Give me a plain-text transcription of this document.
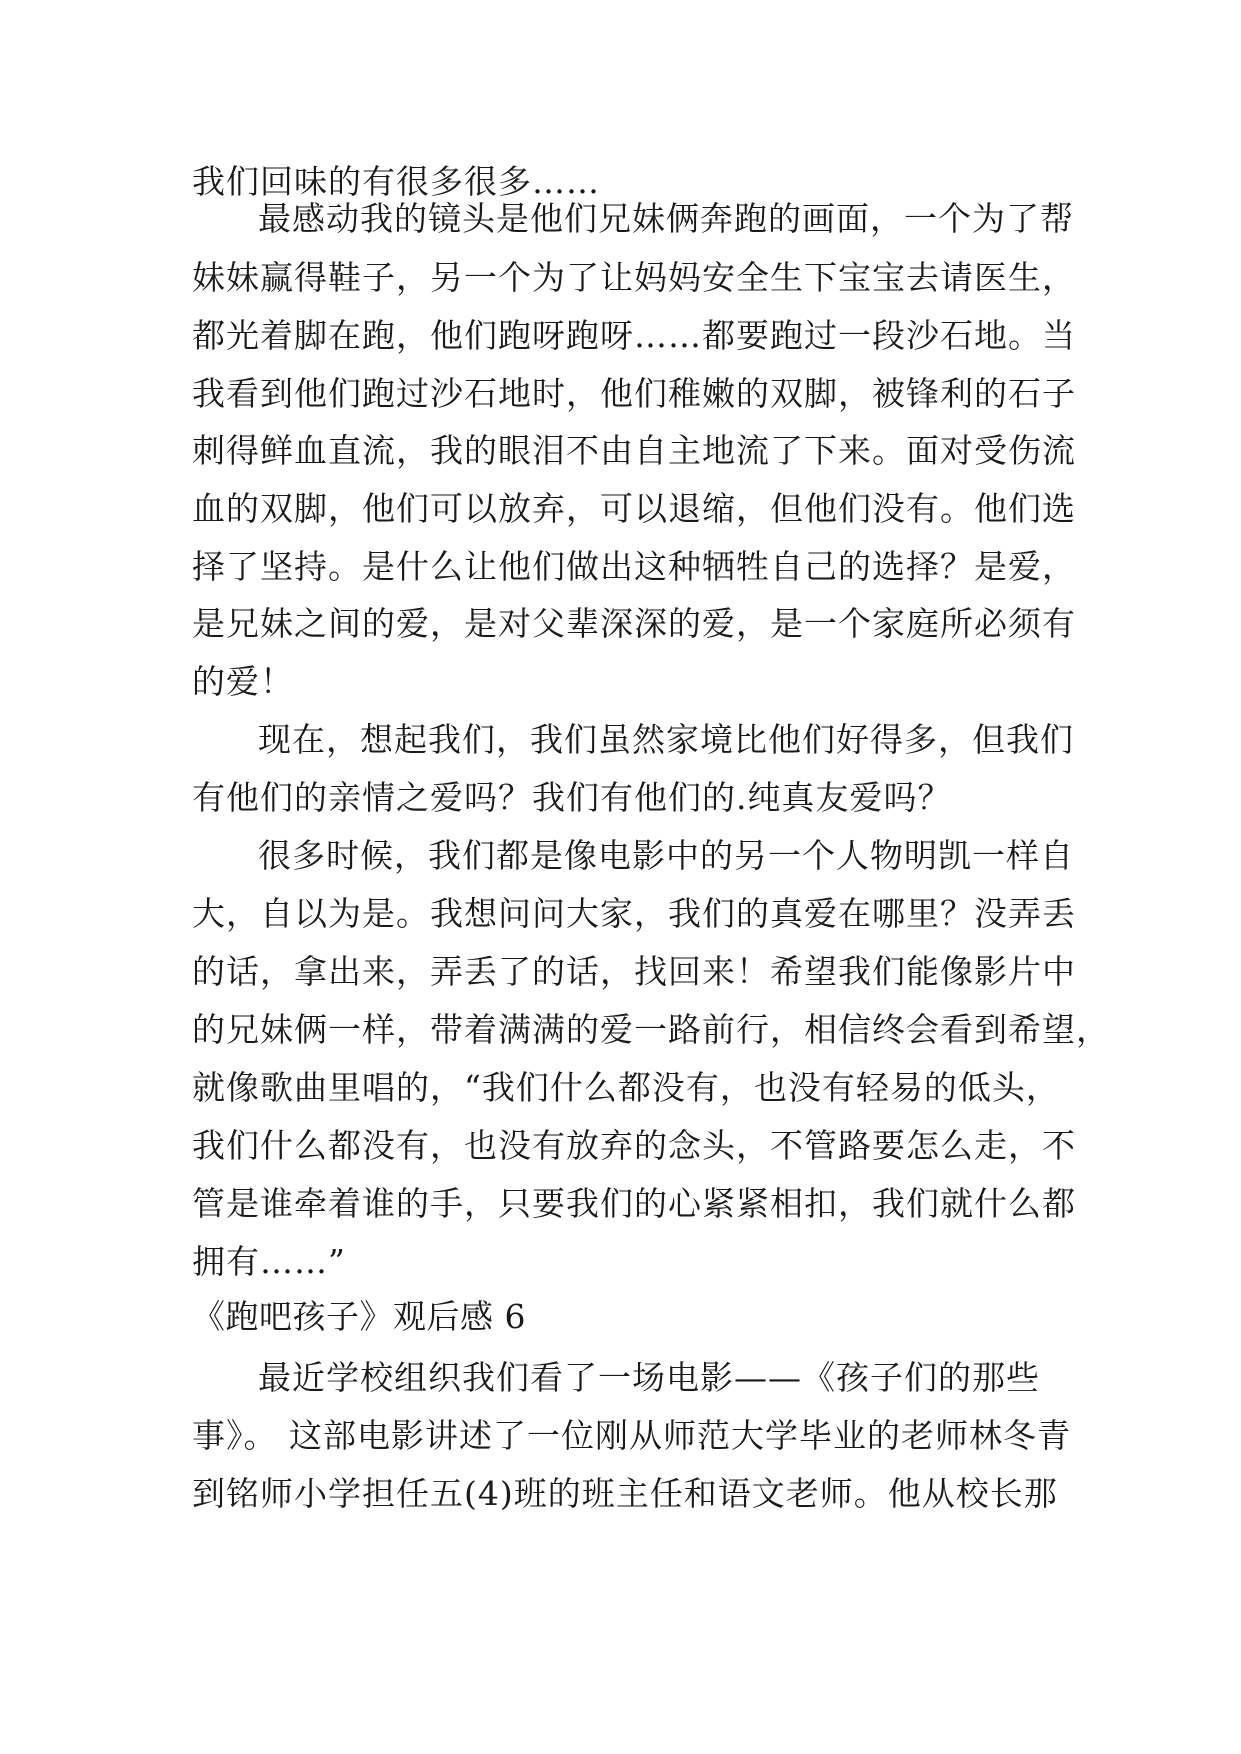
我们回味的有很多很多……
最感动我的镜头是他们兄妹俩奔跑的画面，一个为了帮
妹妹赢得鞋子，另一个为了让妈妈安全生下宝宝去请医生，
都光着脚在跑，他们跑呀跑呀……都要跑过一段沙石地。当
我看到他们跑过沙石地时，他们稚嫩的双脚，被锋利的石子
刺得鲜血直流，我的眼泪不由自主地流了下来。面对受伤流
血的双脚，他们可以放弃，可以退缩，但他们没有。他们选
择了坚持。是什么让他们做出这种牺牲自己的选择？是爱，
是兄妹之间的爱，是对父辈深深的爱，是一个家庭所必须有
的爱！
现在，想起我们，我们虽然家境比他们好得多，但我们
有他们的亲情之爱吗？我们有他们的.纯真友爱吗？
很多时候，我们都是像电影中的另一个人物明凯一样自
大，自以为是。我想问问大家，我们的真爱在哪里？没弄丢
的话，拿出来，弄丢了的话，找回来！希望我们能像影片中
的兄妹俩一样，带着满满的爱一路前行，相信终会看到希望，
就像歌曲里唱的，“我们什么都没有，也没有轻易的低头，
我们什么都没有，也没有放弃的念头，不管路要怎么走，不
管是谁牵着谁的手，只要我们的心紧紧相扣，我们就什么都
拥有……”
《跑吧孩子》观后感 6
最近学校组织我们看了一场电影——《孩子们的那些
事》。 这部电影讲述了一位刚从师范大学毕业的老师林冬青
到铭师小学担任五(4)班的班主任和语文老师。他从校长那
